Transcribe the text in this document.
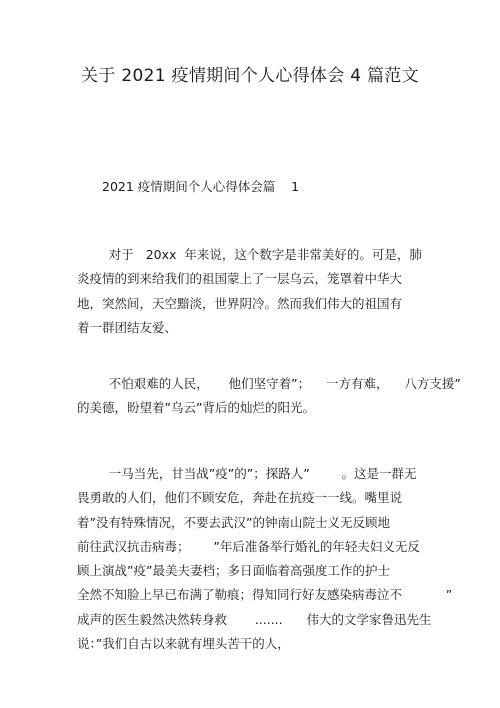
关于 2021 疫情期间个人心得体会 4 篇范文
2021 疫情期间个人心得体会篇    1
对于   20xx  年来说，这个数字是非常美好的。可是，肺
炎疫情的到来给我们的祖国蒙上了一层乌云，笼罩着中华大
地，突然间，天空黯淡，世界阴冷。然而我们伟大的祖国有
着一群团结友爱、
不怕艰难的人民，     他们坚守着”；    一方有难，    八方支援”
的美德，盼望着”乌云”背后的灿烂的阳光。
一马当先，甘当战”疫”的”；探路人”        。这是一群无
畏勇敢的人们，他们不顾安危，奔赴在抗疫一一线。嘴里说
着”没有特殊情况，不要去武汉”的钟南山院士义无反顾地
前往武汉抗击病毒；      ”年后准备举行婚礼的年轻夫妇义无反
顾上演战”疫”最美夫妻档；多日面临着高强度工作的护士
全然不知脸上早已布满了勒痕；得知同行好友感染病毒泣不           ”
成声的医生毅然决然转身救       .......      伟大的文学家鲁迅先生
说：”我们自古以来就有埋头苦干的人，
